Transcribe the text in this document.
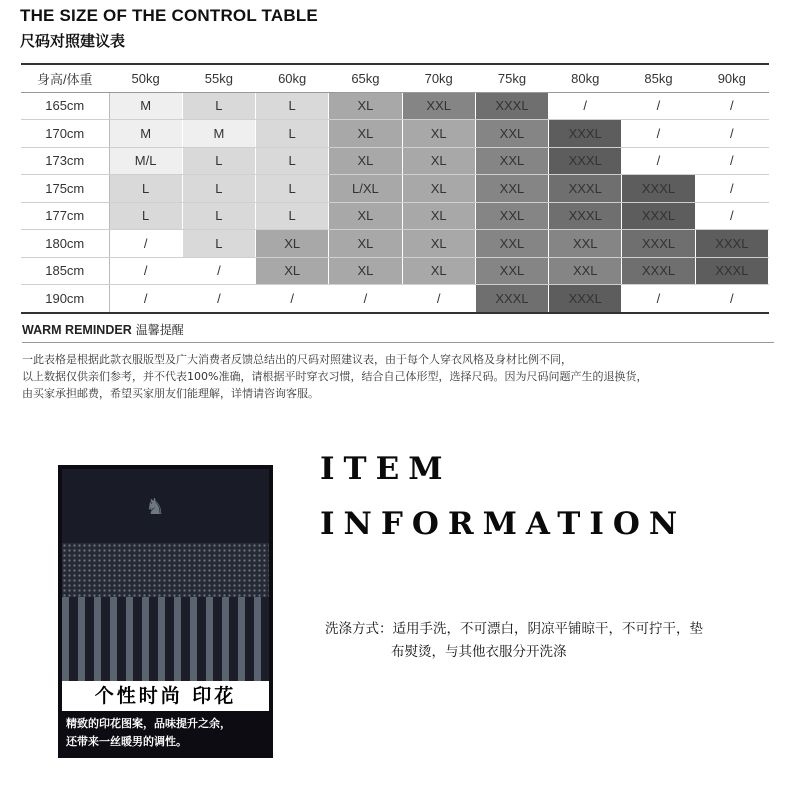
THE SIZE OF THE CONTROL TABLE
尺码对照建议表
身高/体重	50kg	55kg	60kg	65kg	70kg	75kg	80kg	85kg	90kg
165cm	M	L	L	XL	XXL	XXXL	/	/	/
170cm	M	M	L	XL	XL	XXL	XXXL	/	/
173cm	M/L	L	L	XL	XL	XXL	XXXL	/	/
175cm	L	L	L	L/XL	XL	XXL	XXXL	XXXL	/
177cm	L	L	L	XL	XL	XXL	XXXL	XXXL	/
180cm	/	L	XL	XL	XL	XXL	XXL	XXXL	XXXL
185cm	/	/	XL	XL	XL	XXL	XXL	XXXL	XXXL
190cm	/	/	/	/	/	XXXL	XXXL	/	/
WARM REMINDER 温馨提醒
一此表格是根据此款衣服版型及广大消费者反馈总结出的尺码对照建议表，由于每个人穿衣风格及身材比例不同，
以上数据仅供亲们参考，并不代表100%准确，请根据平时穿衣习惯，结合自己体形型，选择尺码。因为尺码问题产生的退换货，
由买家承担邮费，希望买家朋友们能理解，详情请咨询客服。
♞
个性时尚 印花
精致的印花图案，品味提升之余，
还带来一丝暖男的调性。
ITEM
INFORMATION
洗涤方式：适用手洗，不可漂白，阴凉平铺晾干，不可拧干，垫
布熨烫，与其他衣服分开洗涤
